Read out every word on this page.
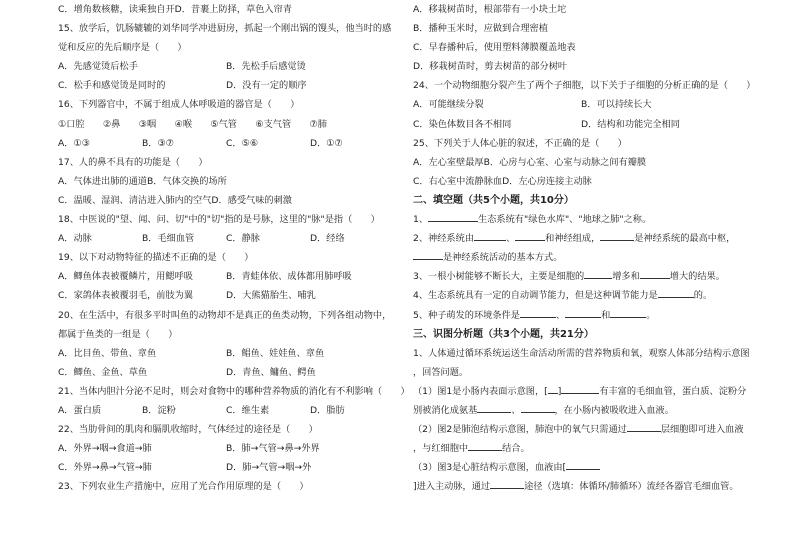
C．增角数核糖，读乘独自开D．昔裹上防择，草色入帘青
15、放学后，饥肠辘辘的刘华同学冲进厨房，抓起一个刚出锅的馒头，他当时的感
觉和反应的先后顺序是（　　）
A．先感觉烫后松手	B．先松手后感觉烫
C．松手和感觉烫是同时的	D．没有一定的顺序
16、下列器官中，不属于组成人体呼吸道的器官是（　　）
①口腔　　②鼻　　③咽　　④喉　　⑤气管　　⑥支气管　　⑦肺
A．①③	B．③⑦	C．⑤⑥	D．①⑦
17、人的鼻不具有的功能是（　　）
A．气体进出肺的通道B．气体交换的场所
C．温暖、湿润、清洁进入肺内的空气D．感受气味的刺激
18、中医说的"望、闻、问、切"中的"切"指的是号脉，这里的"脉"是指（　　）
A．动脉	B．毛细血管	C．静脉	D．经络
19、以下对动物特征的描述不正确的是（　　）
A．鲫鱼体表被覆鳞片，用鳃呼吸	B．青蛙体依、成体都用肺呼吸
C．家鸽体表被覆羽毛，前肢为翼	D．大熊猫胎生、哺乳
20、在生活中，有很多平时叫鱼的动物却不是真正的鱼类动物，下列各组动物中，
都属于鱼类的一组是（　　）
A．比目鱼、带鱼、章鱼	B．鲳鱼、娃娃鱼、章鱼
C．鲫鱼、金鱼、草鱼	D．青鱼、鳙鱼、鳄鱼
21、当体内胆汁分泌不足时，则会对食物中的哪种营养物质的消化有不利影响（　　）
A．蛋白质	B．淀粉	C．维生素	D．脂肪
22、当肋骨间的肌肉和膈肌收缩时，气体经过的途径是（　　）
A．外界→咽→食道→肺	B．肺→气管→鼻→外界
C．外界→鼻→气管→肺	D．肺→气管→咽→外
23、下列农业生产措施中，应用了光合作用原理的是（　　）
A．移栽树苗时，根部带有一小块土坨
B．播种玉米时，应做到合理密植
C．早春播种后，使用塑料薄膜覆盖地表
D．移栽树苗时，剪去树苗的部分树叶
24、一个动物细胞分裂产生了两个子细胞，以下关于子细胞的分析正确的是（　　）
A．可能继续分裂	B．可以持续长大
C．染色体数目各不相同	D．结构和功能完全相同
25、下列关于人体心脏的叙述，不正确的是（　　）
A．左心室壁最厚B．心房与心室、心室与动脉之间有瓣膜
C．右心室中流静脉血D．左心房连接主动脉
二、填空题（共5个小题，共10分）
1、	生态系统有"绿色水库"、"地球之肺"之称。
2、神经系统由	、	和神经组成，	是神经系统的最高中枢，
是神经系统活动的基本方式。
3、一根小树能够不断长大，主要是细胞的	增多和	增大的结果。
4、生态系统具有一定的自动调节能力，但是这种调节能力是	的。
5、种子萌发的环境条件是	、	和	。
三、识图分析题（共3个小题，共21分）
1、人体通过循环系统运送生命活动所需的营养物质和氧，观察人体部分结构示意图
，回答问题。
（1）图1是小肠内表面示意图，[ ]	有丰富的毛细血管，蛋白质、淀粉分
别被消化成氨基	、	，在小肠内被吸收进入血液。
（2）图2是肺泡结构示意图，肺泡中的氧气只需通过	层细胞即可进入血液
，与红细胞中	结合。
（3）图3是心脏结构示意图，血液由[
]进入主动脉，通过	途径（选填：体循环/肺循环）流经各器官毛细血管。
